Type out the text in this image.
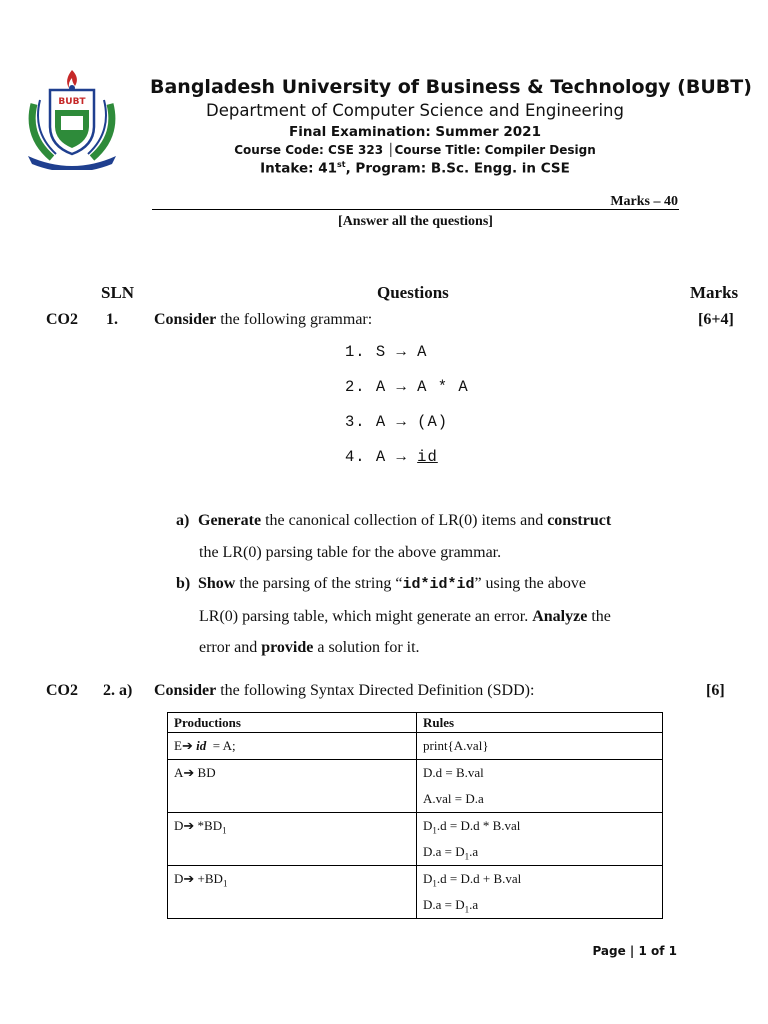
BUBT
Bangladesh University of Business & Technology (BUBT)
Department of Computer Science and Engineering
Final Examination: Summer 2021
Course Code: CSE 323 │Course Title: Compiler Design
Intake: 41st, Program: B.Sc. Engg. in CSE
Marks – 40
[Answer all the questions]
SLN	Questions	Marks
CO2 1. Consider the following grammar:	[6+4]
1. S → A
2. A → A * A
3. A → (A)
4. A → id
a) Generate the canonical collection of LR(0) items and construct
the LR(0) parsing table for the above grammar.
b) Show the parsing of the string “id*id*id” using the above
LR(0) parsing table, which might generate an error. Analyze the
error and provide a solution for it.
CO2 2. a) Consider the following Syntax Directed Definition (SDD):	[6]
Productions	Rules

E➔ id  = A;	print{A.val}

A➔ BD	D.d = B.val
A.val = D.a

D➔ $*BD_1$	$D_1.d = D.d * B.val$
$D.a = D_1.a$

D➔ $+BD_1$	$D_1.d = D.d + B.val$
$D.a = D_1.a$
Page | 1 of 1
